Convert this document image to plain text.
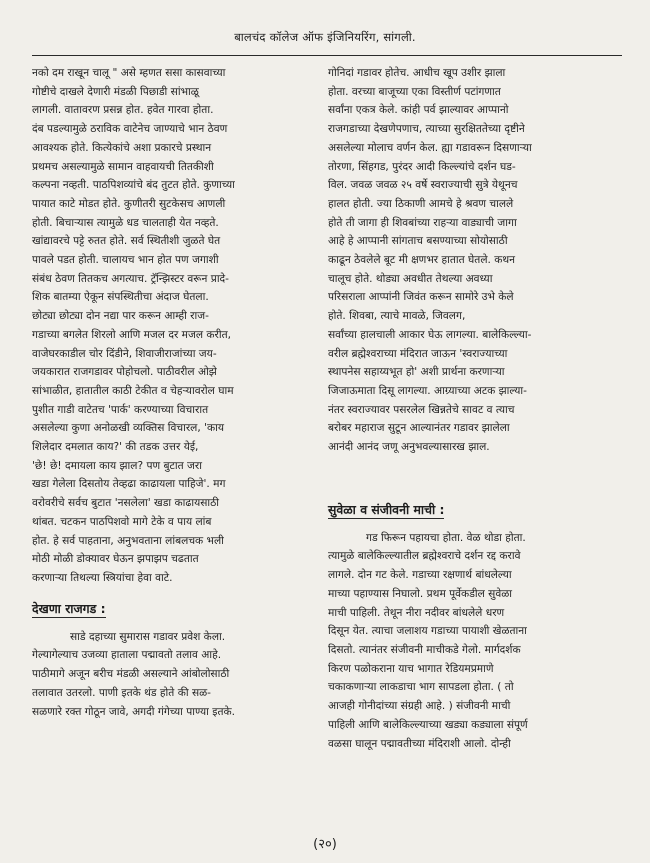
बालचंद कॉलेज ऑफ इंजिनियरिंग, सांगली.

नको दम राखून चालू " असे म्हणत ससा कासवाच्या
गोष्टीचे दाखले देणारी मंडळी पिछाडी सांभाळू
लागली. वातावरण प्रसन्न होत. हवेत गारवा होता.
दंब पडल्यामुळे ठराविक वाटेनेच जाण्याचे भान ठेवण
आवश्यक होते. कित्येकांचे अशा प्रकारचे प्रस्थान
प्रथमच असल्यामुळे सामान वाहवायची तितकीशी
कल्पना नव्हती. पाठपिशव्यांचे बंद तुटत होते. कुणाच्या
पायात काटे मोडत होते. कुणीतरी सुटकेसच आणली
होती. बिचाऱ्यास त्यामुळे धड चालताही येत नव्हते.
खांद्यावरचे पट्टे रुतत होते. सर्व स्थितीशी जुळते घेत
पावले पडत होती. चालायच भान होत पण जगाशी
संबंध ठेवण तितकच अगत्याच. ट्रॅन्झिस्टर वरून प्रादे-
शिक बातम्या ऐकून संपस्थितीचा अंदाज घेतला.
छोट्या छोट्या दोन नद्या पार करून आम्ही राज-
गडाच्या बगलेत शिरलो आणि मजल दर मजल करीत,
वाजेघरकाडील चोर दिंडीने, शिवाजीराजांच्या जय-
जयकारात राजगडावर पोहोचलो. पाठीवरील ओझे
सांभाळीत, हातातील काठी टेकीत व चेहऱ्यावरोल घाम
पुशीत गाडी वाटेतच 'पार्क' करण्याच्या विचारात
असलेल्या कुणा अनोळखी व्यक्तिस विचारल, 'काय
शिलेदार दमलात काय?' की तडक उत्तर येई,
'छे! छे! दमायला काय झाल? पण बुटात जरा
खडा गेलेला दिसतोय तेव्हढा काढायला पाहिजे'. मग
वरोवरीचे सर्वच बुटात 'नसलेला' खडा काढायसाठी
थांबत. चटकन पाठपिशवो मागे टेके व पाय लांब
होत. हे सर्व पाहताना, अनुभवताना लांबलचक भली
मोठी मोळी डोक्यावर घेऊन झपाझप चढतात
करणाऱ्या तिथल्या स्त्रियांचा हेवा वाटे.

देखणा राजगड :

साडे दहाच्या सुमारास गडावर प्रवेश केला.
गेल्यागेल्याच उजव्या हाताला पद्मावतो तलाव आहे.
पाठीमागे अजून बरीच मंडळी असल्याने आंबोलोसाठी
तलावात उतरलो. पाणी इतके थंड होते की सळ-
सळणारे रक्त गोठून जावे, अगदी गंगेच्या पाण्या इतके.

गोनिदां गडावर होतेच. आधीच खूप उशीर झाला
होता. वरच्या बाजूच्या एका विस्तीर्ण पटांगणात
सर्वांना एकत्र केले. कांही पर्व झाल्यावर आप्पानो
राजगडाच्या देखणेपणाच, त्याच्या सुरक्षिततेच्या दृष्टीने
असलेल्या मोलाच वर्णन केल. ह्या गडावरून दिसणाऱ्या
तोरणा, सिंहगड, पुरंदर आदी किल्ल्यांचे दर्शन घड-
विल. जवळ जवळ २५ वर्षे स्वराज्याची सुत्रे येथूनच
हालत होती. ज्या ठिकाणी आमचे हे श्रवण चालले
होते ती जागा ही शिवबांच्या राहऱ्या वाड्याची जागा
आहे हे आप्पानी सांगताच बसण्याच्या सोयोसाठी
काढून ठेवलेले बूट मी क्षणभर हातात घेतले. कथन
चालूच होते. थोड्या अवधीत तेथल्या अवध्या
परिसराला आप्पांनी जिवंत करून सामोरे उभे केले
होते. शिवबा, त्याचे मावळे, जिवलग,
सर्वांच्या हालचाली आकार घेऊ लागल्या. बालेकिल्ल्या-
वरील ब्रह्मेश्वराच्या मंदिरात जाऊन 'स्वराज्याच्या
स्थापनेस सहाय्यभूत हो' अशी प्रार्थना करणाऱ्या
जिजाऊमाता दिसू लागल्या. आग्र्याच्या अटक झाल्या-
नंतर स्वराज्यावर पसरलेल खिन्नतेचे सावट व त्याच
बरोबर महाराज सुटून आल्यानंतर गडावर झालेला
आनंदी आनंद जणू अनुभवल्यासारख झाल.

सुवेळा व संजीवनी माची :

गड फिरून पहायचा होता. वेळ थोडा होता.
त्यामुळे बालेकिल्ल्यातील ब्रह्मेश्वराचे दर्शन रद्द करावे
लागले. दोन गट केले. गडाच्या रक्षणार्थ बांधलेल्या
माच्या पहाण्यास निघालो. प्रथम पूर्वेकडील सुवेळा
माची पाहिली. तेथून नीरा नदीवर बांधलेले धरण
दिसून येत. त्याचा जलाशय गडाच्या पायाशी खेळताना
दिसतो. त्यानंतर संजीवनी माचीकडे गेलो. मार्गदर्शक
किरण पळोकराना याच भागात रेडियमप्रमाणे
चकाकणाऱ्या लाकडाचा भाग सापडला होता. ( तो
आजही गोनीदांच्या संग्रही आहे. ) संजीवनी माची
पाहिली आणि बालेकिल्ल्याच्या खड्या कड्याला संपूर्ण
वळसा घालून पद्मावतीच्या मंदिराशी आलो. दोन्ही

(२०)
